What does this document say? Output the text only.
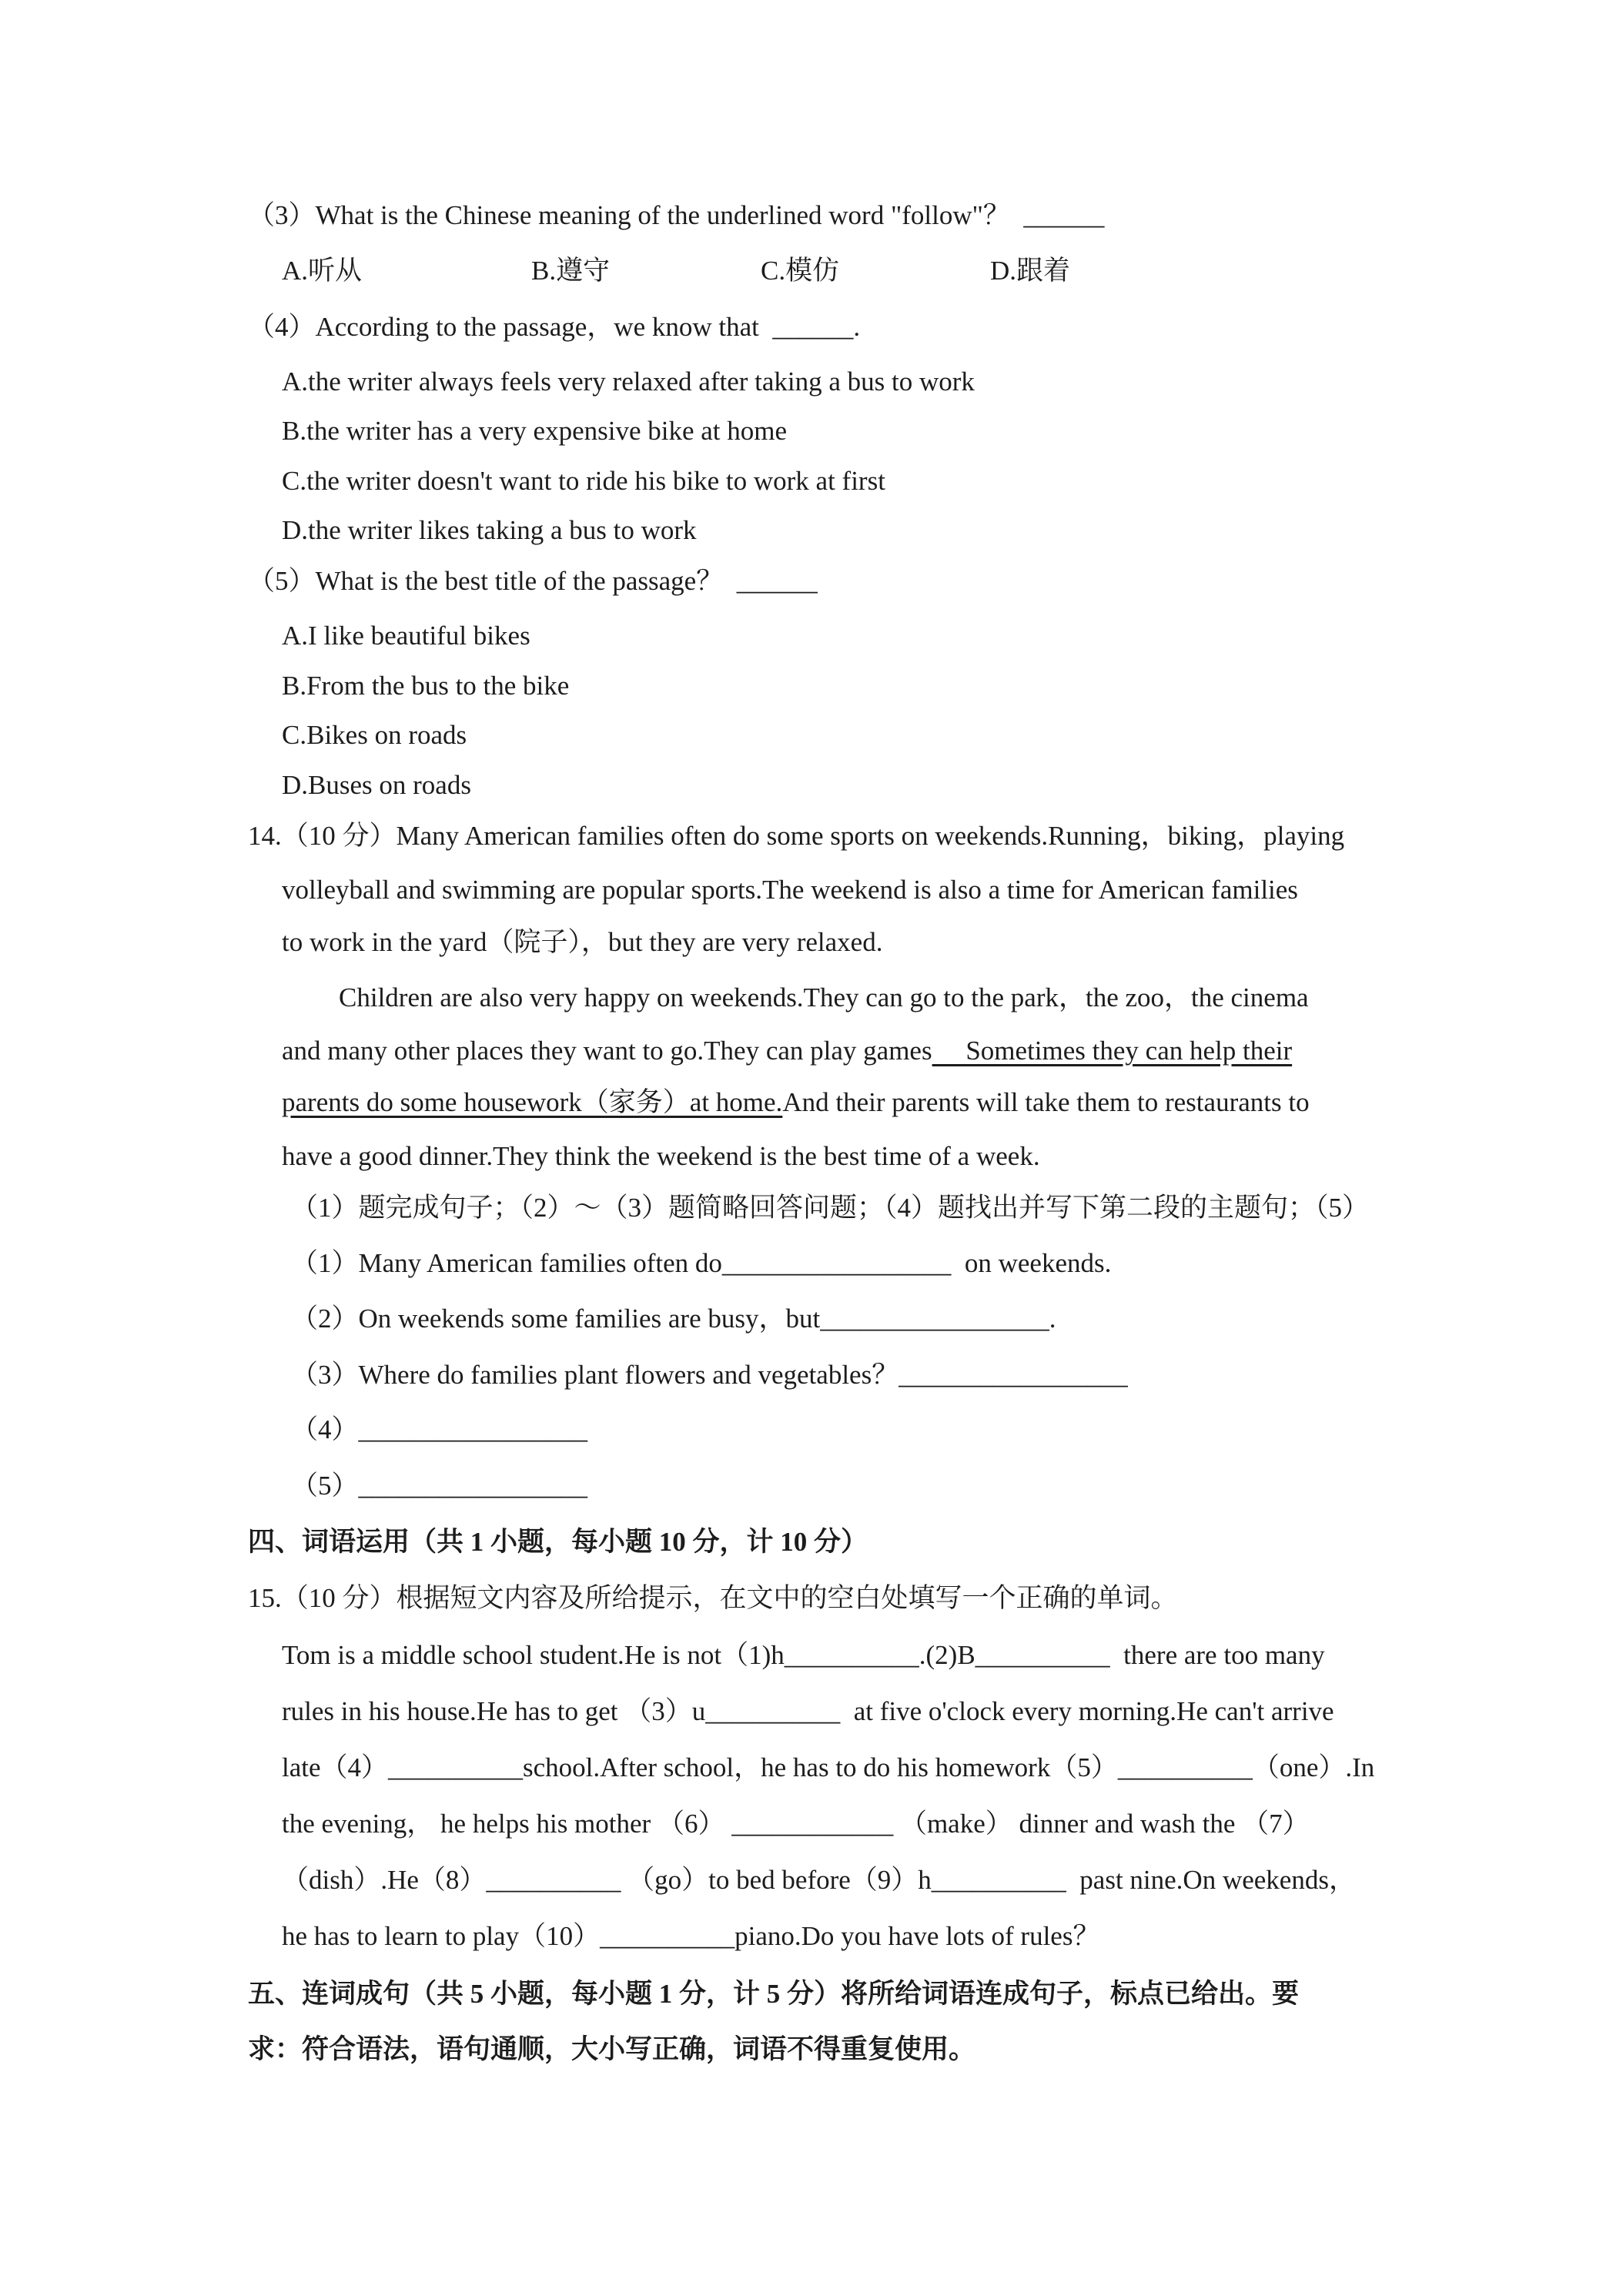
（3）What is the Chinese meaning of the underlined word "follow"？  ______
A.听从	B.遵守	C.模仿	D.跟着
（4）According to the passage，we know that  ______.
A.the writer always feels very relaxed after taking a bus to work
B.the writer has a very expensive bike at home
C.the writer doesn't want to ride his bike to work at first
D.the writer likes taking a bus to work
（5）What is the best title of the passage？  ______
A.I like beautiful bikes
B.From the bus to the bike
C.Bikes on roads
D.Buses on roads
14.（10 分）Many American families often do some sports on weekends.Running，biking，playing
volleyball and swimming are popular sports.The weekend is also a time for American families
to work in the yard（院子），but they are very relaxed.
Children are also very happy on weekends.They can go to the park，the zoo，the cinema
and many other places they want to go.They can play games     Sometimes they can help their
parents do some housework（家务）at home.And their parents will take them to restaurants to
have a good dinner.They think the weekend is the best time of a week.
（1）题完成句子；（2）～（3）题简略回答问题；（4）题找出并写下第二段的主题句；（5）
（1）Many American families often do_________________  on weekends.
（2）On weekends some families are busy，but_________________.
（3）Where do families plant flowers and vegetables？_________________
（4）_________________
（5）_________________
四、词语运用（共 1 小题，每小题 10 分，计 10 分）
15.（10 分）根据短文内容及所给提示，在文中的空白处填写一个正确的单词。
Tom is a middle school student.He is not（1)h__________.(2)B__________  there are too many
rules in his house.He has to get （3）u__________  at five o'clock every morning.He can't arrive
late（4）__________school.After school，he has to do his homework（5）__________（one）.In
the evening， he helps his mother （6） ____________ （make） dinner and wash the （7）
（dish）.He（8）__________ （go）to bed before（9）h__________  past nine.On weekends，
he has to learn to play（10）__________piano.Do you have lots of rules？
五、连词成句（共 5 小题，每小题 1 分，计 5 分）将所给词语连成句子，标点已给出。要
求：符合语法，语句通顺，大小写正确，词语不得重复使用。
